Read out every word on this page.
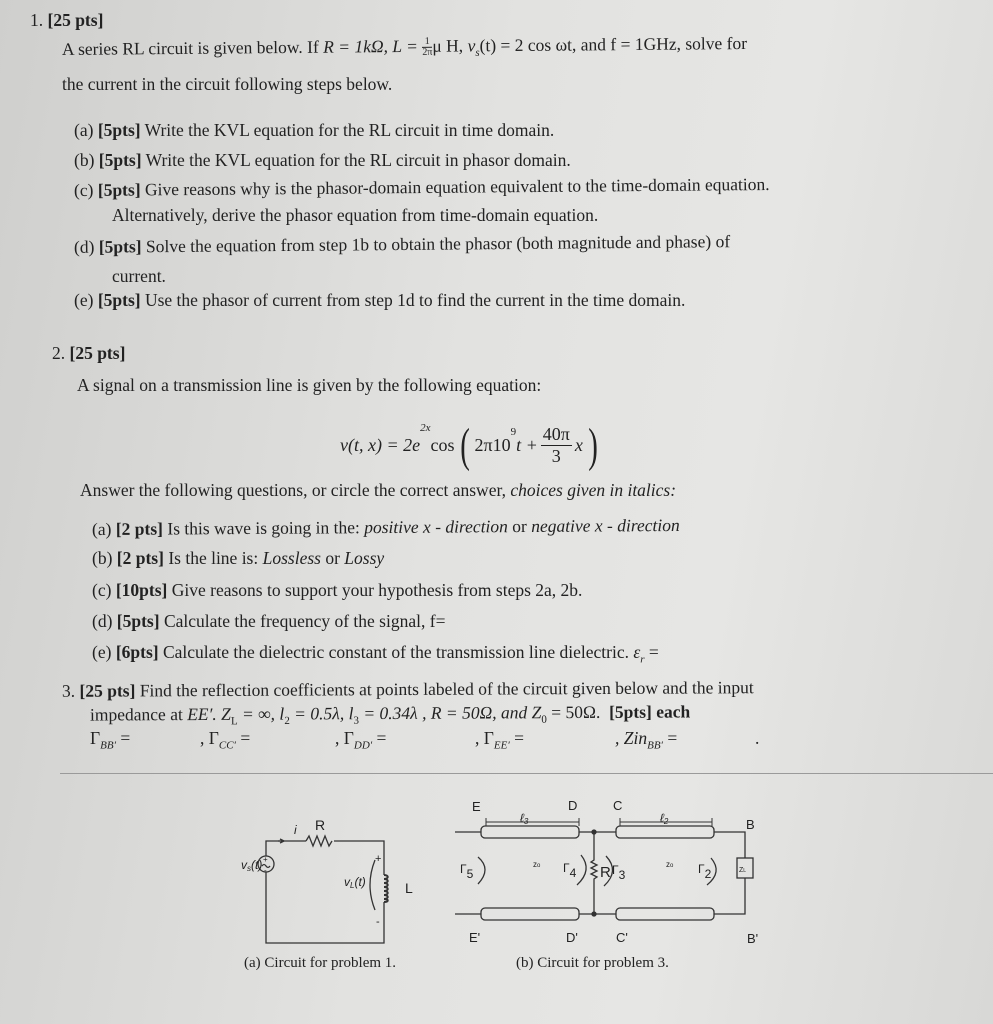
1. [25 pts]
A series RL circuit is given below. If R = 1kΩ, $L = \frac{1}{2\pi}$ μ H, $v_s(t) = 2$ cos ωt, and f = 1GHz, solve for
the current in the circuit following steps below.
(a) [5pts] Write the KVL equation for the RL circuit in time domain.
(b) [5pts] Write the KVL equation for the RL circuit in phasor domain.
(c) [5pts] Give reasons why is the phasor-domain equation equivalent to the time-domain equation.
Alternatively, derive the phasor equation from time-domain equation.
(d) [5pts] Solve the equation from step 1b to obtain the phasor (both magnitude and phase) of
current.
(e) [5pts] Use the phasor of current from step 1d to find the current in the time domain.
2. [25 pts]
A signal on a transmission line is given by the following equation:
v(t, x) = 2e
2x
cos ( 2π10
$^9$
$t + \frac{40\pi}{3}$ x )
Answer the following questions, or circle the correct answer, choices given in italics:
(a) [2 pts] Is this wave is going in the: positive x - direction or negative x - direction
(b) [2 pts] Is the line is: Lossless or Lossy
(c) [10pts] Give reasons to support your hypothesis from steps 2a, 2b.
(d) [5pts] Calculate the frequency of the signal, f=
(e) [6pts] Calculate the dielectric constant of the transmission line dielectric. $\varepsilon_r$ =
3. [25 pts] Find the reflection coefficients at points labeled of the circuit given below and the input
impedance at EE′. $Z_L$ = ∞, $l_2 = 0.5\lambda$, $l_3 = 0.34\lambda$ , R = 50Ω, and $Z_0 = 50\Omega$. [5pts] each
$\Gamma_{BB'}$ =	, $\Gamma_{CC'}$ =	, $\Gamma_{DD'}$ =	, $\Gamma_{EE'}$ =	, Zin$_{BB'}$ =	.
vs(t) +
-
i R
vL(t)
+
-
L
(a) Circuit for problem 1.
E	D	C
B
E'	D'	C'	B'
ℓ3	ℓ2
zo	zo
R	ZL
Γ5	Γ4	Γ3	Γ2
(b) Circuit for problem 3.
